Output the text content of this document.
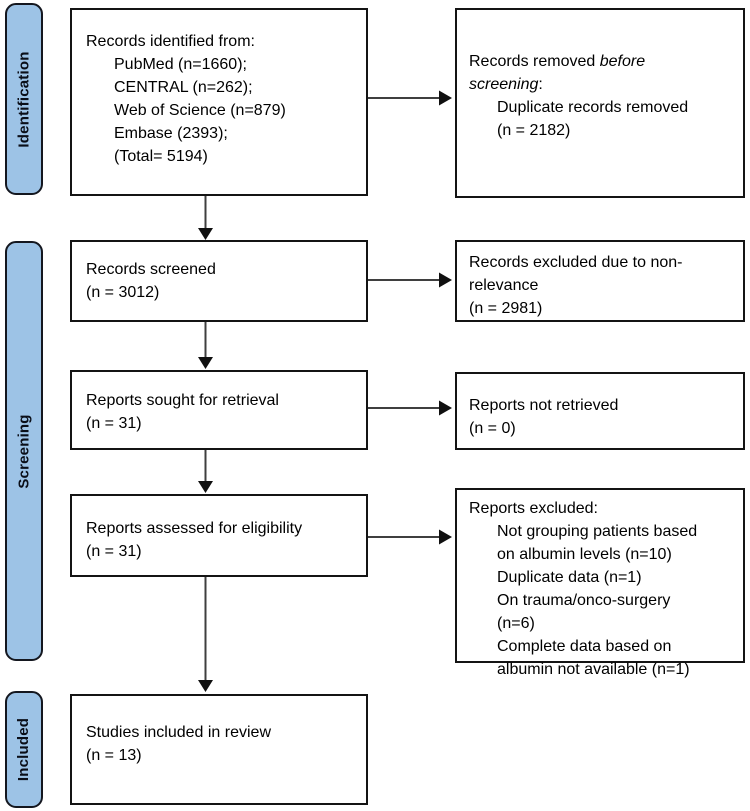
Identification
Screening
Included
Records identified from:
PubMed (n=1660);
CENTRAL (n=262);
Web of Science (n=879)
Embase (2393);
(Total= 5194)
Records screened
(n = 3012)
Reports sought for retrieval
(n = 31)
Reports assessed for eligibility
(n = 31)
Studies included in review
(n = 13)
Records removed before
screening:
Duplicate records removed
(n = 2182)
Records excluded due to non-
relevance
(n = 2981)
Reports not retrieved
(n = 0)
Reports excluded:
Not grouping patients based
on albumin levels (n=10)
Duplicate data (n=1)
On trauma/onco-surgery
(n=6)
Complete data based on
albumin not available (n=1)
